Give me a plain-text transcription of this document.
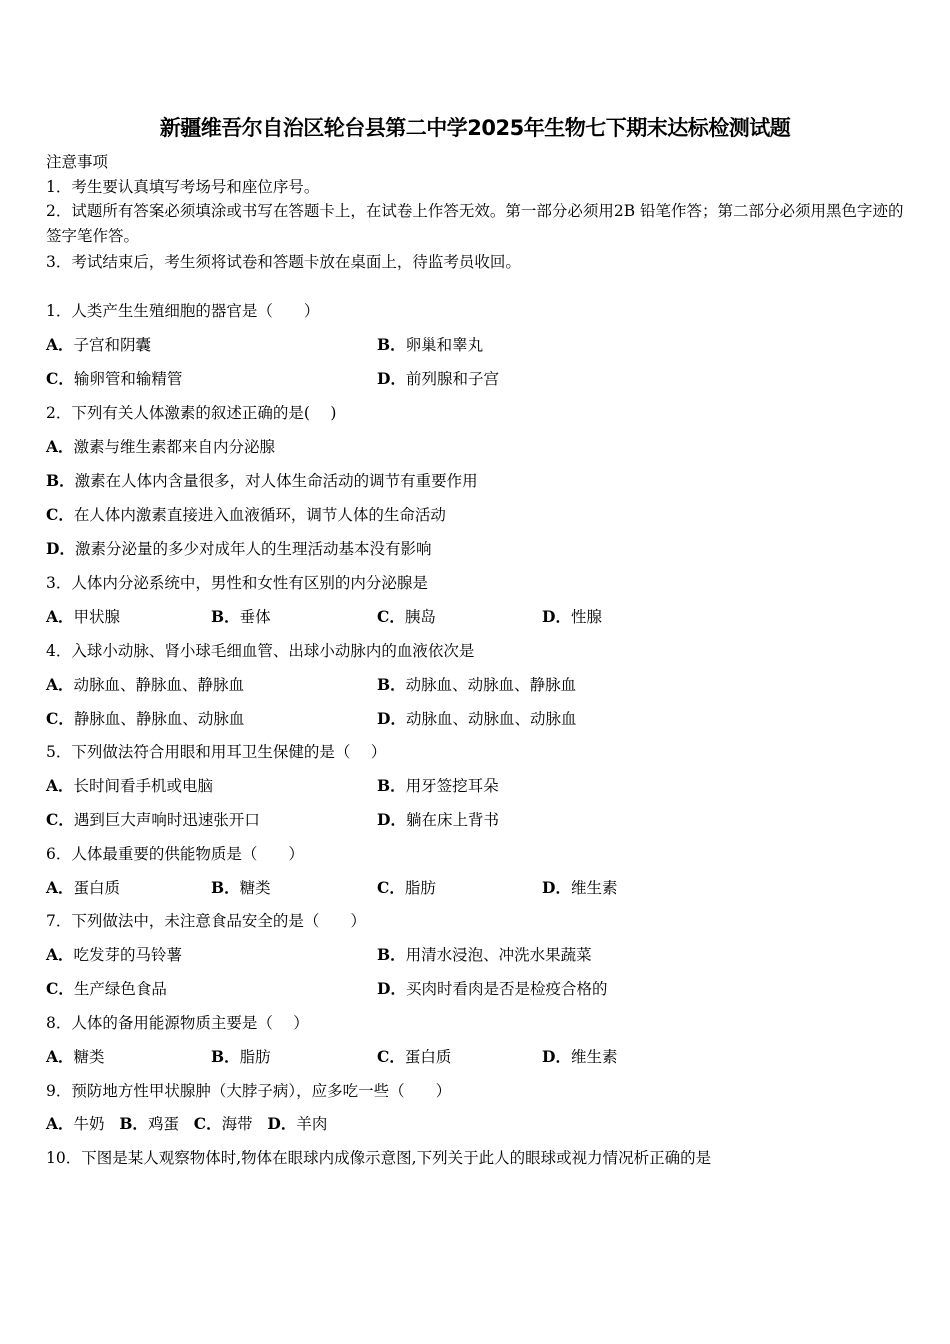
新疆维吾尔自治区轮台县第二中学2025年生物七下期末达标检测试题
注意事项
1．考生要认真填写考场号和座位序号。
2．试题所有答案必须填涂或书写在答题卡上，在试卷上作答无效。第一部分必须用2B 铅笔作答；第二部分必须用黑色字迹的签字笔作答。
3．考试结束后，考生须将试卷和答题卡放在桌面上，待监考员收回。
1．人类产生生殖细胞的器官是（　　）
A．子宫和阴囊	B．卵巢和睾丸
C．输卵管和输精管	D．前列腺和子宫
2．下列有关人体激素的叙述正确的是(　 )
A．激素与维生素都来自内分泌腺
B．激素在人体内含量很多，对人体生命活动的调节有重要作用
C．在人体内激素直接进入血液循环，调节人体的生命活动
D．激素分泌量的多少对成年人的生理活动基本没有影响
3．人体内分泌系统中，男性和女性有区别的内分泌腺是
A．甲状腺	B．垂体	C．胰岛	D．性腺
4．入球小动脉、肾小球毛细血管、出球小动脉内的血液依次是
A．动脉血、静脉血、静脉血	B．动脉血、动脉血、静脉血
C．静脉血、静脉血、动脉血	D．动脉血、动脉血、动脉血
5．下列做法符合用眼和用耳卫生保健的是（　 ）
A．长时间看手机或电脑	B．用牙签挖耳朵
C．遇到巨大声响时迅速张开口	D．躺在床上背书
6．人体最重要的供能物质是（　　）
A．蛋白质	B．糖类	C．脂肪	D．维生素
7．下列做法中，未注意食品安全的是（　　）
A．吃发芽的马铃薯	B．用清水浸泡、冲洗水果蔬菜
C．生产绿色食品	D．买肉时看肉是否是检疫合格的
8．人体的备用能源物质主要是（　 ）
A．糖类	B．脂肪	C．蛋白质	D．维生素
9．预防地方性甲状腺肿（大脖子病），应多吃一些（　　）
A．牛奶 B．鸡蛋 C．海带 D．羊肉
10．下图是某人观察物体时,物体在眼球内成像示意图,下列关于此人的眼球或视力情况析正确的是
